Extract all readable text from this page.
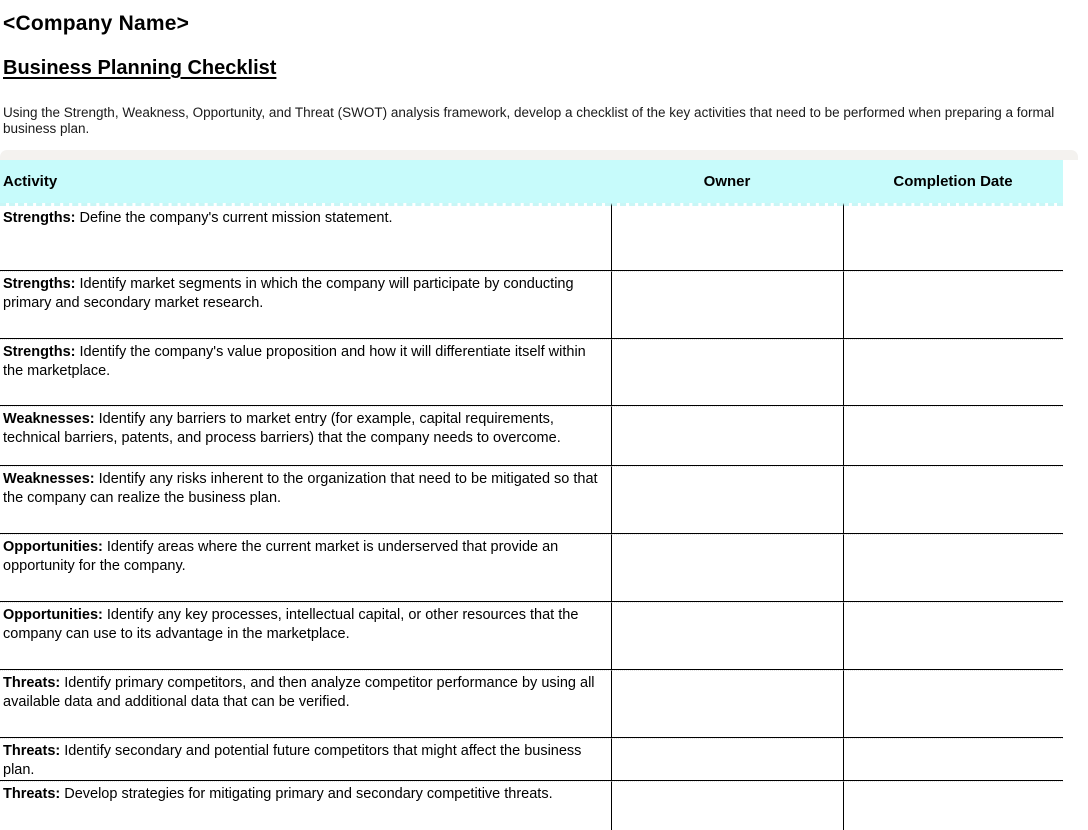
<Company Name>
Business Planning Checklist

Using the Strength, Weakness, Opportunity, and Threat (SWOT) analysis framework, develop a checklist of the key activities that need to be performed when preparing a formal business plan.

Activity	Owner	Completion Date
Strengths: Define the company's current mission statement.		
Strengths: Identify market segments in which the company will participate by conducting primary and secondary market research.		
Strengths: Identify the company's value proposition and how it will differentiate itself within the marketplace.		
Weaknesses: Identify any barriers to market entry (for example, capital requirements, technical barriers, patents, and process barriers) that the company needs to overcome.		
Weaknesses: Identify any risks inherent to the organization that need to be mitigated so that the company can realize the business plan.		
Opportunities: Identify areas where the current market is underserved that provide an opportunity for the company.		
Opportunities: Identify any key processes, intellectual capital, or other resources that the company can use to its advantage in the marketplace.		
Threats: Identify primary competitors, and then analyze competitor performance by using all available data and additional data that can be verified.		
Threats: Identify secondary and potential future competitors that might affect the business plan.		
Threats: Develop strategies for mitigating primary and secondary competitive threats.		
